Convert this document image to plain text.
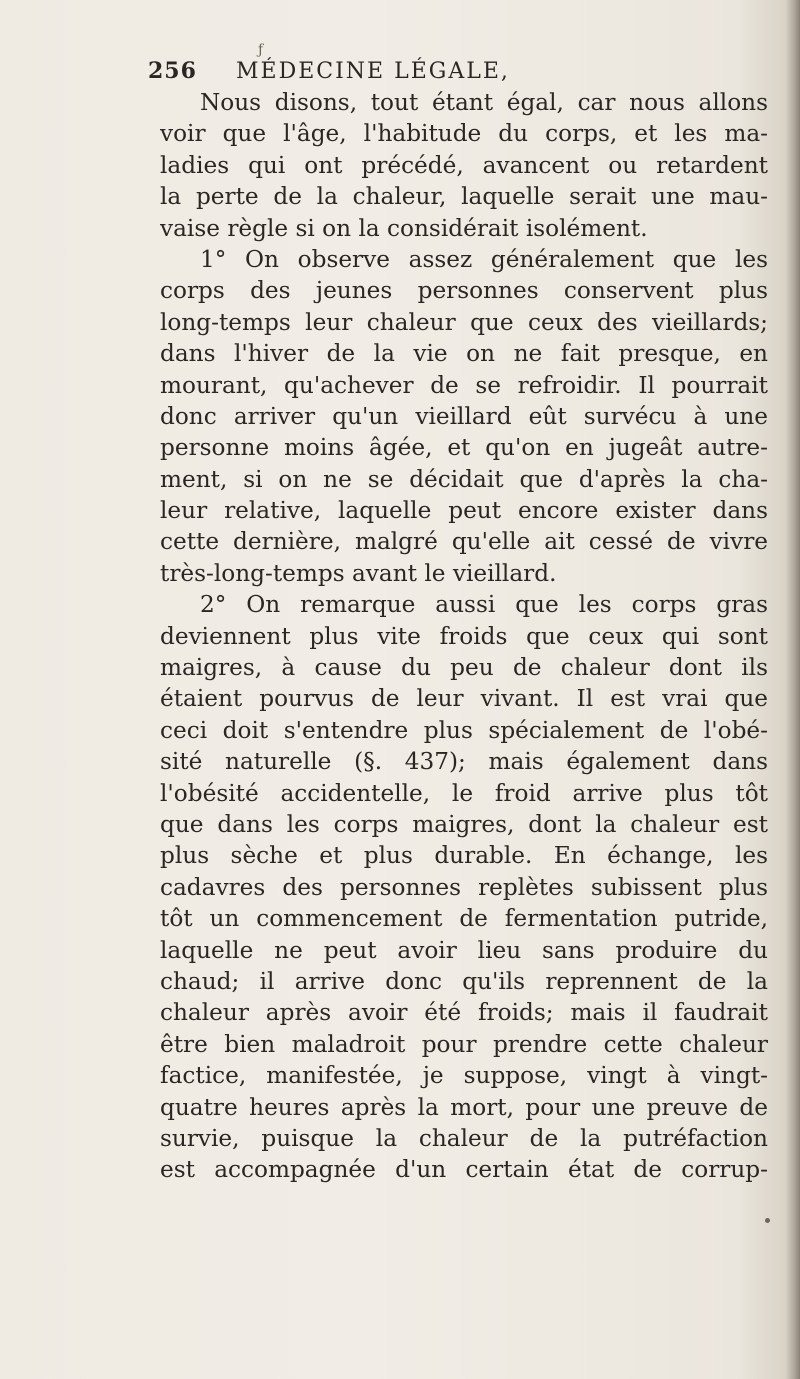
ƒ
256 MÉDECINE LÉGALE,
Nous disons, tout étant égal, car nous allons
voir que l'âge, l'habitude du corps, et les ma-
ladies qui ont précédé, avancent ou retardent
la perte de la chaleur, laquelle serait une mau-
vaise règle si on la considérait isolément.
1° On observe assez généralement que les
corps des jeunes personnes conservent plus
long-temps leur chaleur que ceux des vieillards;
dans l'hiver de la vie on ne fait presque, en
mourant, qu'achever de se refroidir. Il pourrait
donc arriver qu'un vieillard eût survécu à une
personne moins âgée, et qu'on en jugeât autre-
ment, si on ne se décidait que d'après la cha-
leur relative, laquelle peut encore exister dans
cette dernière, malgré qu'elle ait cessé de vivre
très-long-temps avant le vieillard.
2° On remarque aussi que les corps gras
deviennent plus vite froids que ceux qui sont
maigres, à cause du peu de chaleur dont ils
étaient pourvus de leur vivant. Il est vrai que
ceci doit s'entendre plus spécialement de l'obé-
sité naturelle (§. 437); mais également dans
l'obésité accidentelle, le froid arrive plus tôt
que dans les corps maigres, dont la chaleur est
plus sèche et plus durable. En échange, les
cadavres des personnes replètes subissent plus
tôt un commencement de fermentation putride,
laquelle ne peut avoir lieu sans produire du
chaud; il arrive donc qu'ils reprennent de la
chaleur après avoir été froids; mais il faudrait
être bien maladroit pour prendre cette chaleur
factice, manifestée, je suppose, vingt à vingt-
quatre heures après la mort, pour une preuve de
survie, puisque la chaleur de la putréfaction
est accompagnée d'un certain état de corrup-
